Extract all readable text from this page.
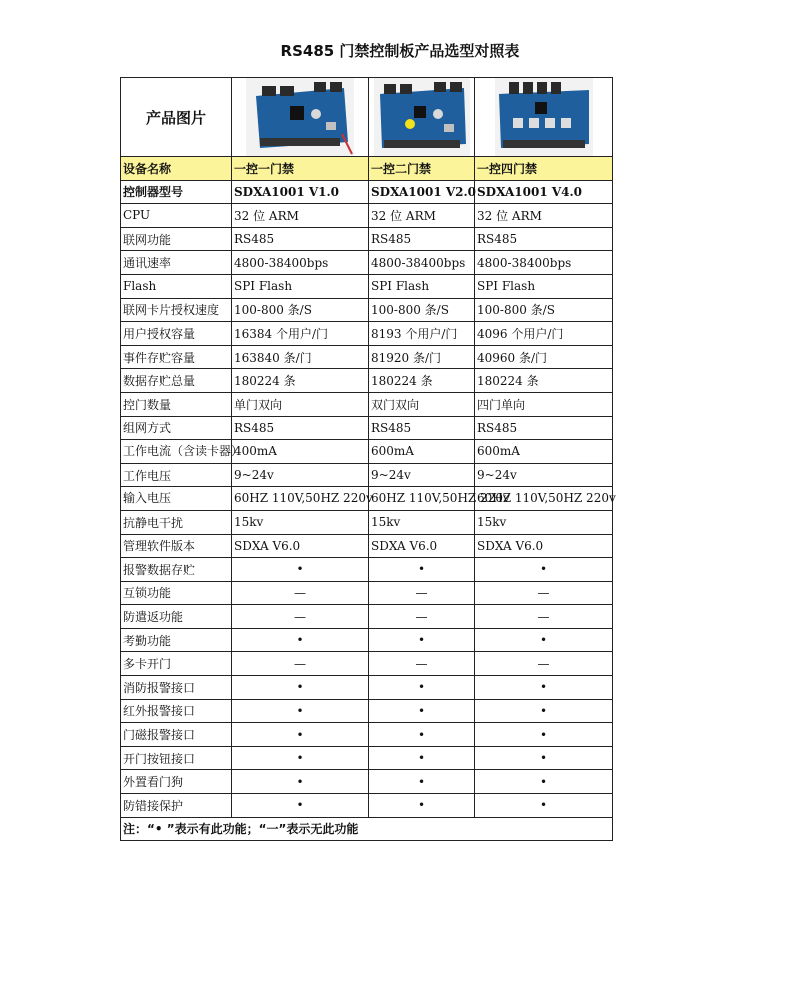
RS485 门禁控制板产品选型对照表
产品图片	

设备名称	一控一门禁	一控二门禁	一控四门禁
控制器型号	SDXA1001 V1.0	SDXA1001 V2.0	SDXA1001 V4.0
CPU	32 位 ARM	32 位 ARM	32 位 ARM
联网功能	RS485	RS485	RS485
通讯速率	4800-38400bps	4800-38400bps	4800-38400bps
Flash	SPI Flash	SPI Flash	SPI Flash
联网卡片授权速度	100-800 条/S	100-800 条/S	100-800 条/S
用户授权容量	16384 个用户/门	8193 个用户/门	4096 个用户/门
事件存贮容量	163840 条/门	81920 条/门	40960 条/门
数据存贮总量	180224 条	180224 条	180224 条
控门数量	单门双向	双门双向	四门单向
组网方式	RS485	RS485	RS485
工作电流（含读卡器）	400mA	600mA	600mA
工作电压	9~24v	9~24v	9~24v
输入电压	60HZ 110V,50HZ 220v	60HZ 110V,50HZ 220v	60HZ 110V,50HZ 220v
抗静电干扰	15kv	15kv	15kv
管理软件版本	SDXA V6.0	SDXA V6.0	SDXA V6.0
报警数据存贮	•	•	•
互锁功能	—	—	—
防遣返功能	—	—	—
考勤功能	•	•	•
多卡开门	—	—	—
消防报警接口	•	•	•
红外报警接口	•	•	•
门磁报警接口	•	•	•
开门按钮接口	•	•	•
外置看门狗	•	•	•
防错接保护	•	•	•
注：“• ”表示有此功能；“一”表示无此功能			
